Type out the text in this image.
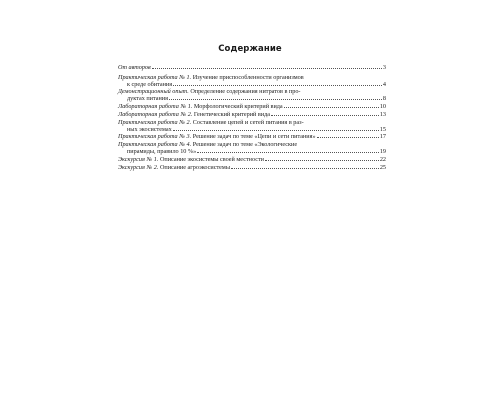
Содержание
От авторов	3
Практическая работа № 1. Изучение приспособленности организмов
к среде обитания	4
Демонстрационный опыт. Определение содержания нитратов в про-
дуктах питания	8
Лабораторная работа № 1. Морфологический критерий вида	10
Лабораторная работа № 2. Генетический критерий вида	13
Практическая работа № 2. Составление цепей и сетей питания в раз-
ных экосистемах	15
Практическая работа № 3. Решение задач по теме «Цепи и сети питания»	17
Практическая работа № 4. Решение задач по теме «Экологические
пирамиды, правило 10 %»	19
Экскурсия № 1. Описание экосистемы своей местности	22
Экскурсия № 2. Описание агроэкосистемы	25
